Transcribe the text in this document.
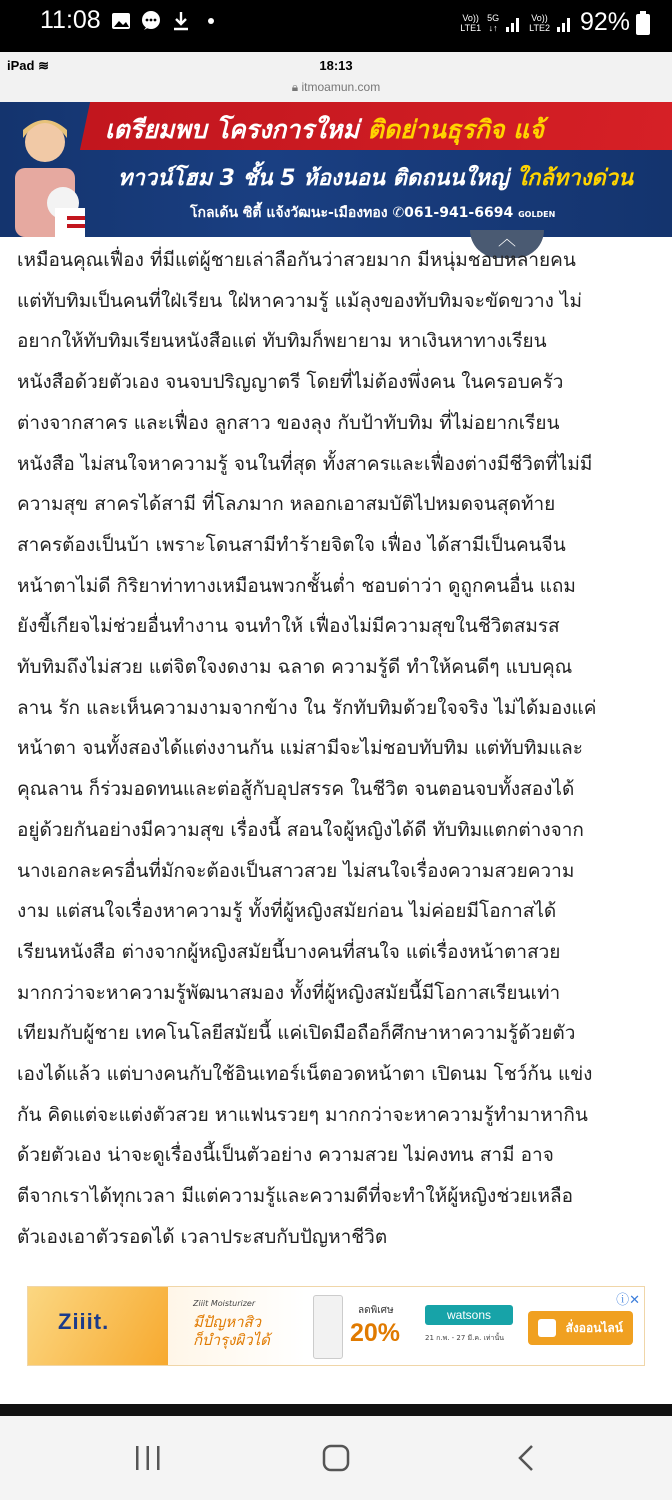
11:08	Vo))
LTE1
5G
↓↑
Vo))
LTE2 92%
iPad ≋	18:13
🔒︎ itmoamun.com
เตรียมพบ โครงการใหม่ ติดย่านธุรกิจ แจ้
ทาวน์โฮม 3 ชั้น 5 ห้องนอน ติดถนนใหญ่ ใกล้ทางด่วน
โกลเด้น ซิตี้ แจ้งวัฒนะ-เมืองทอง ✆061-941-6694 GOLDEN
︿
เหมือนคุณเฟื่อง ที่มีแต่ผู้ชายเล่าลือกันว่าสวยมาก มีหนุ่มชอบหลายคน
แต่ทับทิมเป็นคนที่ใฝ่เรียน ใฝ่หาความรู้ แม้ลุงของทับทิมจะขัดขวาง ไม่
อยากให้ทับทิมเรียนหนังสือแต่ ทับทิมก็พยายาม หาเงินหาทางเรียน
หนังสือด้วยตัวเอง จนจบปริญญาตรี โดยที่ไม่ต้องพึ่งคน ในครอบครัว
ต่างจากสาคร และเฟื่อง ลูกสาว ของลุง กับป้าทับทิม ที่ไม่อยากเรียน
หนังสือ ไม่สนใจหาความรู้ จนในที่สุด ทั้งสาครและเฟื่องต่างมีชีวิตที่ไม่มี
ความสุข สาครได้สามี ที่โลภมาก หลอกเอาสมบัติไปหมดจนสุดท้าย
สาครต้องเป็นบ้า เพราะโดนสามีทำร้ายจิตใจ เฟื่อง ได้สามีเป็นคนจีน
หน้าตาไม่ดี กิริยาท่าทางเหมือนพวกชั้นต่ำ ชอบด่าว่า ดูถูกคนอื่น แถม
ยังขี้เกียจไม่ช่วยอื่นทำงาน จนทำให้ เฟื่องไม่มีความสุขในชีวิตสมรส
ทับทิมถึงไม่สวย แต่จิตใจงดงาม ฉลาด ความรู้ดี ทำให้คนดีๆ แบบคุณ
ลาน รัก และเห็นความงามจากข้าง ใน รักทับทิมด้วยใจจริง ไม่ได้มองแค่
หน้าตา จนทั้งสองได้แต่งงานกัน แม่สามีจะไม่ชอบทับทิม แต่ทับทิมและ
คุณลาน ก็ร่วมอดทนและต่อสู้กับอุปสรรค ในชีวิต จนตอนจบทั้งสองได้
อยู่ด้วยกันอย่างมีความสุข เรื่องนี้ สอนใจผู้หญิงได้ดี ทับทิมแตกต่างจาก
นางเอกละครอื่นที่มักจะต้องเป็นสาวสวย ไม่สนใจเรื่องความสวยความ
งาม แต่สนใจเรื่องหาความรู้ ทั้งที่ผู้หญิงสมัยก่อน ไม่ค่อยมีโอกาสได้
เรียนหนังสือ ต่างจากผู้หญิงสมัยนี้บางคนที่สนใจ แต่เรื่องหน้าตาสวย
มากกว่าจะหาความรู้พัฒนาสมอง ทั้งที่ผู้หญิงสมัยนี้มีโอกาสเรียนเท่า
เทียมกับผู้ชาย เทคโนโลยีสมัยนี้ แค่เปิดมือถือก็ศึกษาหาความรู้ด้วยตัว
เองได้แล้ว แต่บางคนกับใช้อินเทอร์เน็ตอวดหน้าตา เปิดนม โชว์ก้น แข่ง
กัน คิดแต่จะแต่งตัวสวย หาแฟนรวยๆ มากกว่าจะหาความรู้ทำมาหากิน
ด้วยตัวเอง น่าจะดูเรื่องนี้เป็นตัวอย่าง ความสวย ไม่คงทน สามี อาจ
ตีจากเราได้ทุกเวลา มีแต่ความรู้และความดีที่จะทำให้ผู้หญิงช่วยเหลือ
ตัวเองเอาตัวรอดได้ เวลาประสบกับปัญหาชีวิต
Ziiit.
Ziiit Moisturizer
มีปัญหาสิว
ก็บำรุงผิวได้
ลดพิเศษ
20%
watsons
21 ก.พ. - 27 มี.ค. เท่านั้น
สั่งออนไลน์
ⓘ✕
